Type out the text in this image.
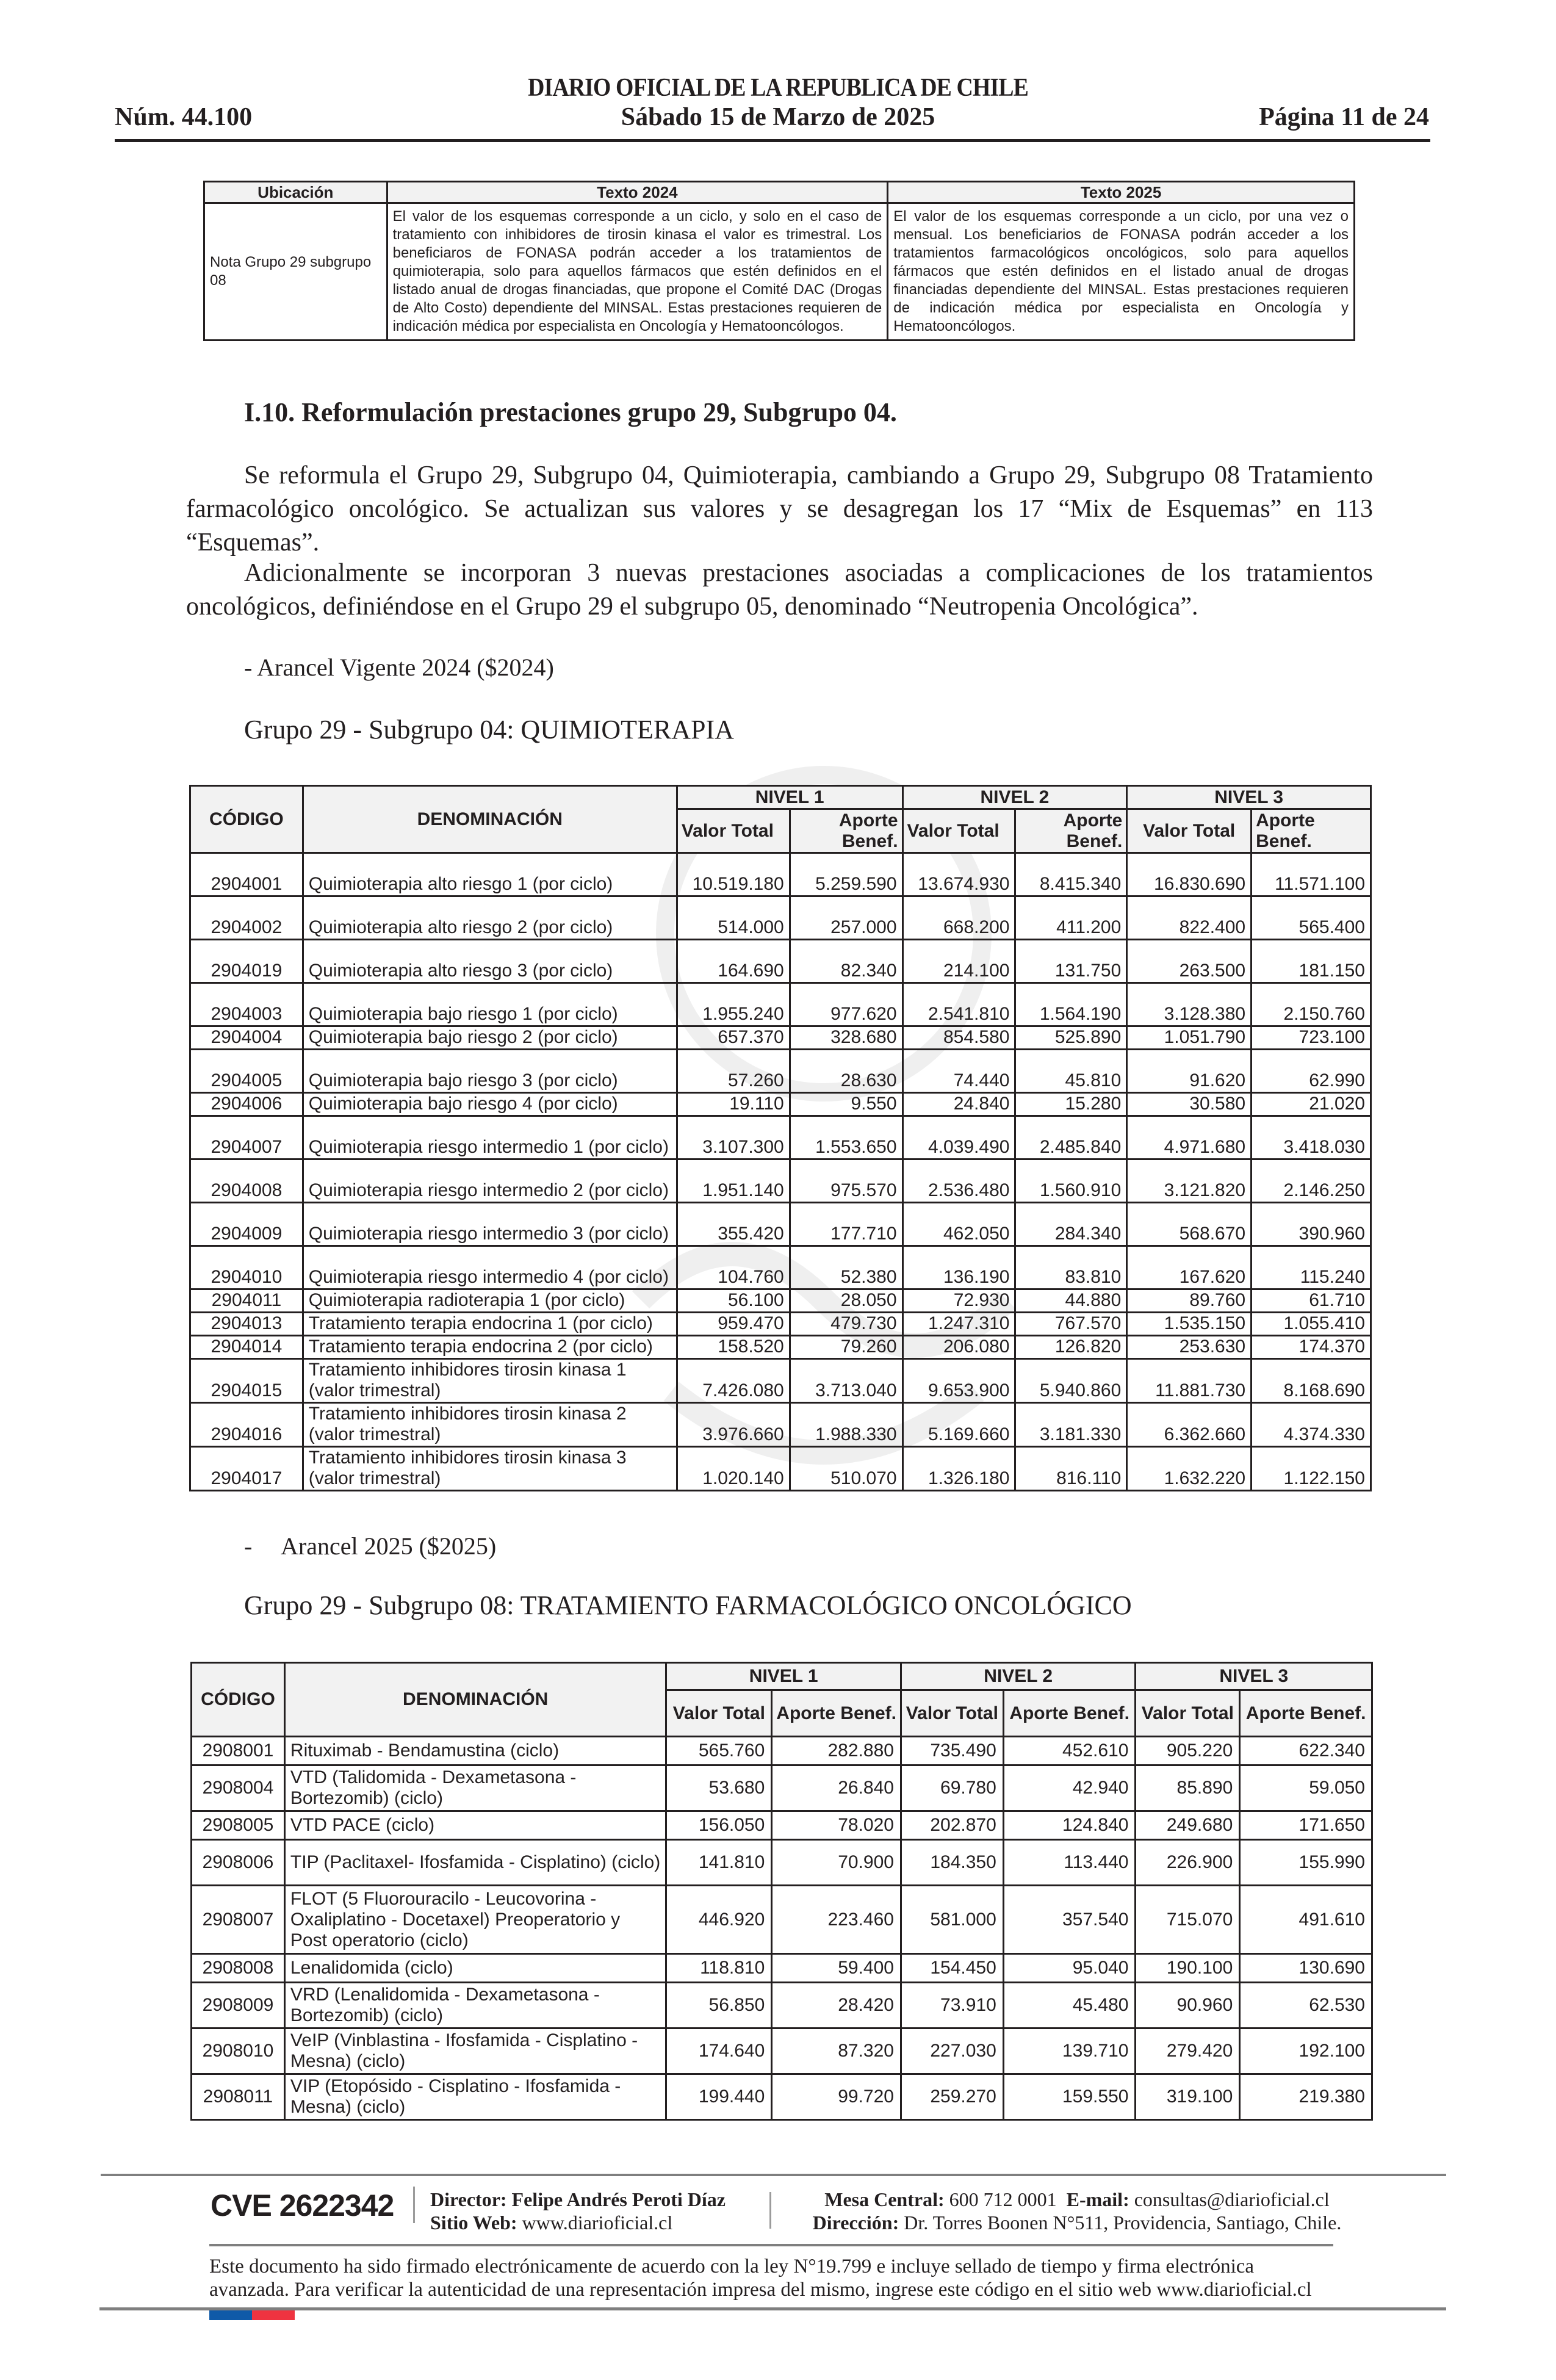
DIARIO OFICIAL DE LA REPUBLICA DE CHILE
Núm. 44.100	Sábado 15 de Marzo de 2025	Página 11 de 24
Ubicación	Texto 2024	Texto 2025
Nota Grupo 29 subgrupo 08	El valor de los esquemas corresponde a un ciclo, y solo en el caso de tratamiento con inhibidores de tirosin kinasa el valor es trimestral. Los beneficiaros de FONASA podrán acceder a los tratamientos de quimioterapia, solo para aquellos fármacos que estén definidos en el listado anual de drogas financiadas, que propone el Comité DAC (Drogas de Alto Costo) dependiente del MINSAL. Estas prestaciones requieren de indicación médica por especialista en Oncología y Hematooncólogos.	El valor de los esquemas corresponde a un ciclo, por una vez o mensual. Los beneficiarios de FONASA podrán acceder a los tratamientos farmacológicos oncológicos, solo para aquellos fármacos que estén definidos en el listado anual de drogas financiadas dependiente del MINSAL. Estas prestaciones requieren de indicación médica por especialista en Oncología y Hematooncólogos.
I.10. Reformulación prestaciones grupo 29, Subgrupo 04.
Se reformula el Grupo 29, Subgrupo 04, Quimioterapia, cambiando a Grupo 29, Subgrupo 08 Tratamiento farmacológico oncológico. Se actualizan sus valores y se desagregan los 17 “Mix de Esquemas” en 113 “Esquemas”.
Adicionalmente se incorporan 3 nuevas prestaciones asociadas a complicaciones de los tratamientos oncológicos, definiéndose en el Grupo 29 el subgrupo 05, denominado “Neutropenia Oncológica”.
- Arancel Vigente 2024 ($2024)
Grupo 29 - Subgrupo 04: QUIMIOTERAPIA
CÓDIGO	DENOMINACIÓN	NIVEL 1		NIVEL 2		NIVEL 3	
		Valor Total	Aporte Benef.	Valor Total	Aporte Benef.	Valor Total	Aporte Benef.
2904001	Quimioterapia alto riesgo 1 (por ciclo)	10.519.180	5.259.590	13.674.930	8.415.340	16.830.690	11.571.100
2904002	Quimioterapia alto riesgo 2 (por ciclo)	514.000	257.000	668.200	411.200	822.400	565.400
2904019	Quimioterapia alto riesgo 3 (por ciclo)	164.690	82.340	214.100	131.750	263.500	181.150
2904003	Quimioterapia bajo riesgo 1 (por ciclo)	1.955.240	977.620	2.541.810	1.564.190	3.128.380	2.150.760
2904004	Quimioterapia bajo riesgo 2 (por ciclo)	657.370	328.680	854.580	525.890	1.051.790	723.100
2904005	Quimioterapia bajo riesgo 3 (por ciclo)	57.260	28.630	74.440	45.810	91.620	62.990
2904006	Quimioterapia bajo riesgo 4 (por ciclo)	19.110	9.550	24.840	15.280	30.580	21.020
2904007	Quimioterapia riesgo intermedio 1 (por ciclo)	3.107.300	1.553.650	4.039.490	2.485.840	4.971.680	3.418.030
2904008	Quimioterapia riesgo intermedio 2 (por ciclo)	1.951.140	975.570	2.536.480	1.560.910	3.121.820	2.146.250
2904009	Quimioterapia riesgo intermedio 3 (por ciclo)	355.420	177.710	462.050	284.340	568.670	390.960
2904010	Quimioterapia riesgo intermedio 4 (por ciclo)	104.760	52.380	136.190	83.810	167.620	115.240
2904011	Quimioterapia radioterapia 1 (por ciclo)	56.100	28.050	72.930	44.880	89.760	61.710
2904013	Tratamiento terapia endocrina 1 (por ciclo)	959.470	479.730	1.247.310	767.570	1.535.150	1.055.410
2904014	Tratamiento terapia endocrina 2 (por ciclo)	158.520	79.260	206.080	126.820	253.630	174.370
2904015	Tratamiento inhibidores tirosin kinasa 1 (valor trimestral)	7.426.080	3.713.040	9.653.900	5.940.860	11.881.730	8.168.690
2904016	Tratamiento inhibidores tirosin kinasa 2 (valor trimestral)	3.976.660	1.988.330	5.169.660	3.181.330	6.362.660	4.374.330
2904017	Tratamiento inhibidores tirosin kinasa 3 (valor trimestral)	1.020.140	510.070	1.326.180	816.110	1.632.220	1.122.150
- Arancel 2025 ($2025)
Grupo 29 - Subgrupo 08: TRATAMIENTO FARMACOLÓGICO ONCOLÓGICO
CÓDIGO	DENOMINACIÓN	NIVEL 1		NIVEL 2		NIVEL 3	
		Valor Total	Aporte Benef.	Valor Total	Aporte Benef.	Valor Total	Aporte Benef.
2908001	Rituximab - Bendamustina (ciclo)	565.760	282.880	735.490	452.610	905.220	622.340
2908004	VTD (Talidomida - Dexametasona - Bortezomib) (ciclo)	53.680	26.840	69.780	42.940	85.890	59.050
2908005	VTD PACE (ciclo)	156.050	78.020	202.870	124.840	249.680	171.650
2908006	TIP (Paclitaxel- Ifosfamida - Cisplatino) (ciclo)	141.810	70.900	184.350	113.440	226.900	155.990
2908007	FLOT (5 Fluorouracilo - Leucovorina - Oxaliplatino - Docetaxel) Preoperatorio y Post operatorio (ciclo)	446.920	223.460	581.000	357.540	715.070	491.610
2908008	Lenalidomida (ciclo)	118.810	59.400	154.450	95.040	190.100	130.690
2908009	VRD (Lenalidomida - Dexametasona - Bortezomib) (ciclo)	56.850	28.420	73.910	45.480	90.960	62.530
2908010	VeIP (Vinblastina - Ifosfamida - Cisplatino - Mesna) (ciclo)	174.640	87.320	227.030	139.710	279.420	192.100
2908011	VIP (Etopósido - Cisplatino - Ifosfamida - Mesna) (ciclo)	199.440	99.720	259.270	159.550	319.100	219.380
CVE 2622342 Director: Felipe Andrés Peroti Díaz
Sitio Web: www.diarioficial.cl
Mesa Central: 600 712 0001 E-mail: consultas@diarioficial.cl
Dirección: Dr. Torres Boonen N°511, Providencia, Santiago, Chile.
Este documento ha sido firmado electrónicamente de acuerdo con la ley N°19.799 e incluye sellado de tiempo y firma electrónica avanzada. Para verificar la autenticidad de una representación impresa del mismo, ingrese este código en el sitio web www.diarioficial.cl
